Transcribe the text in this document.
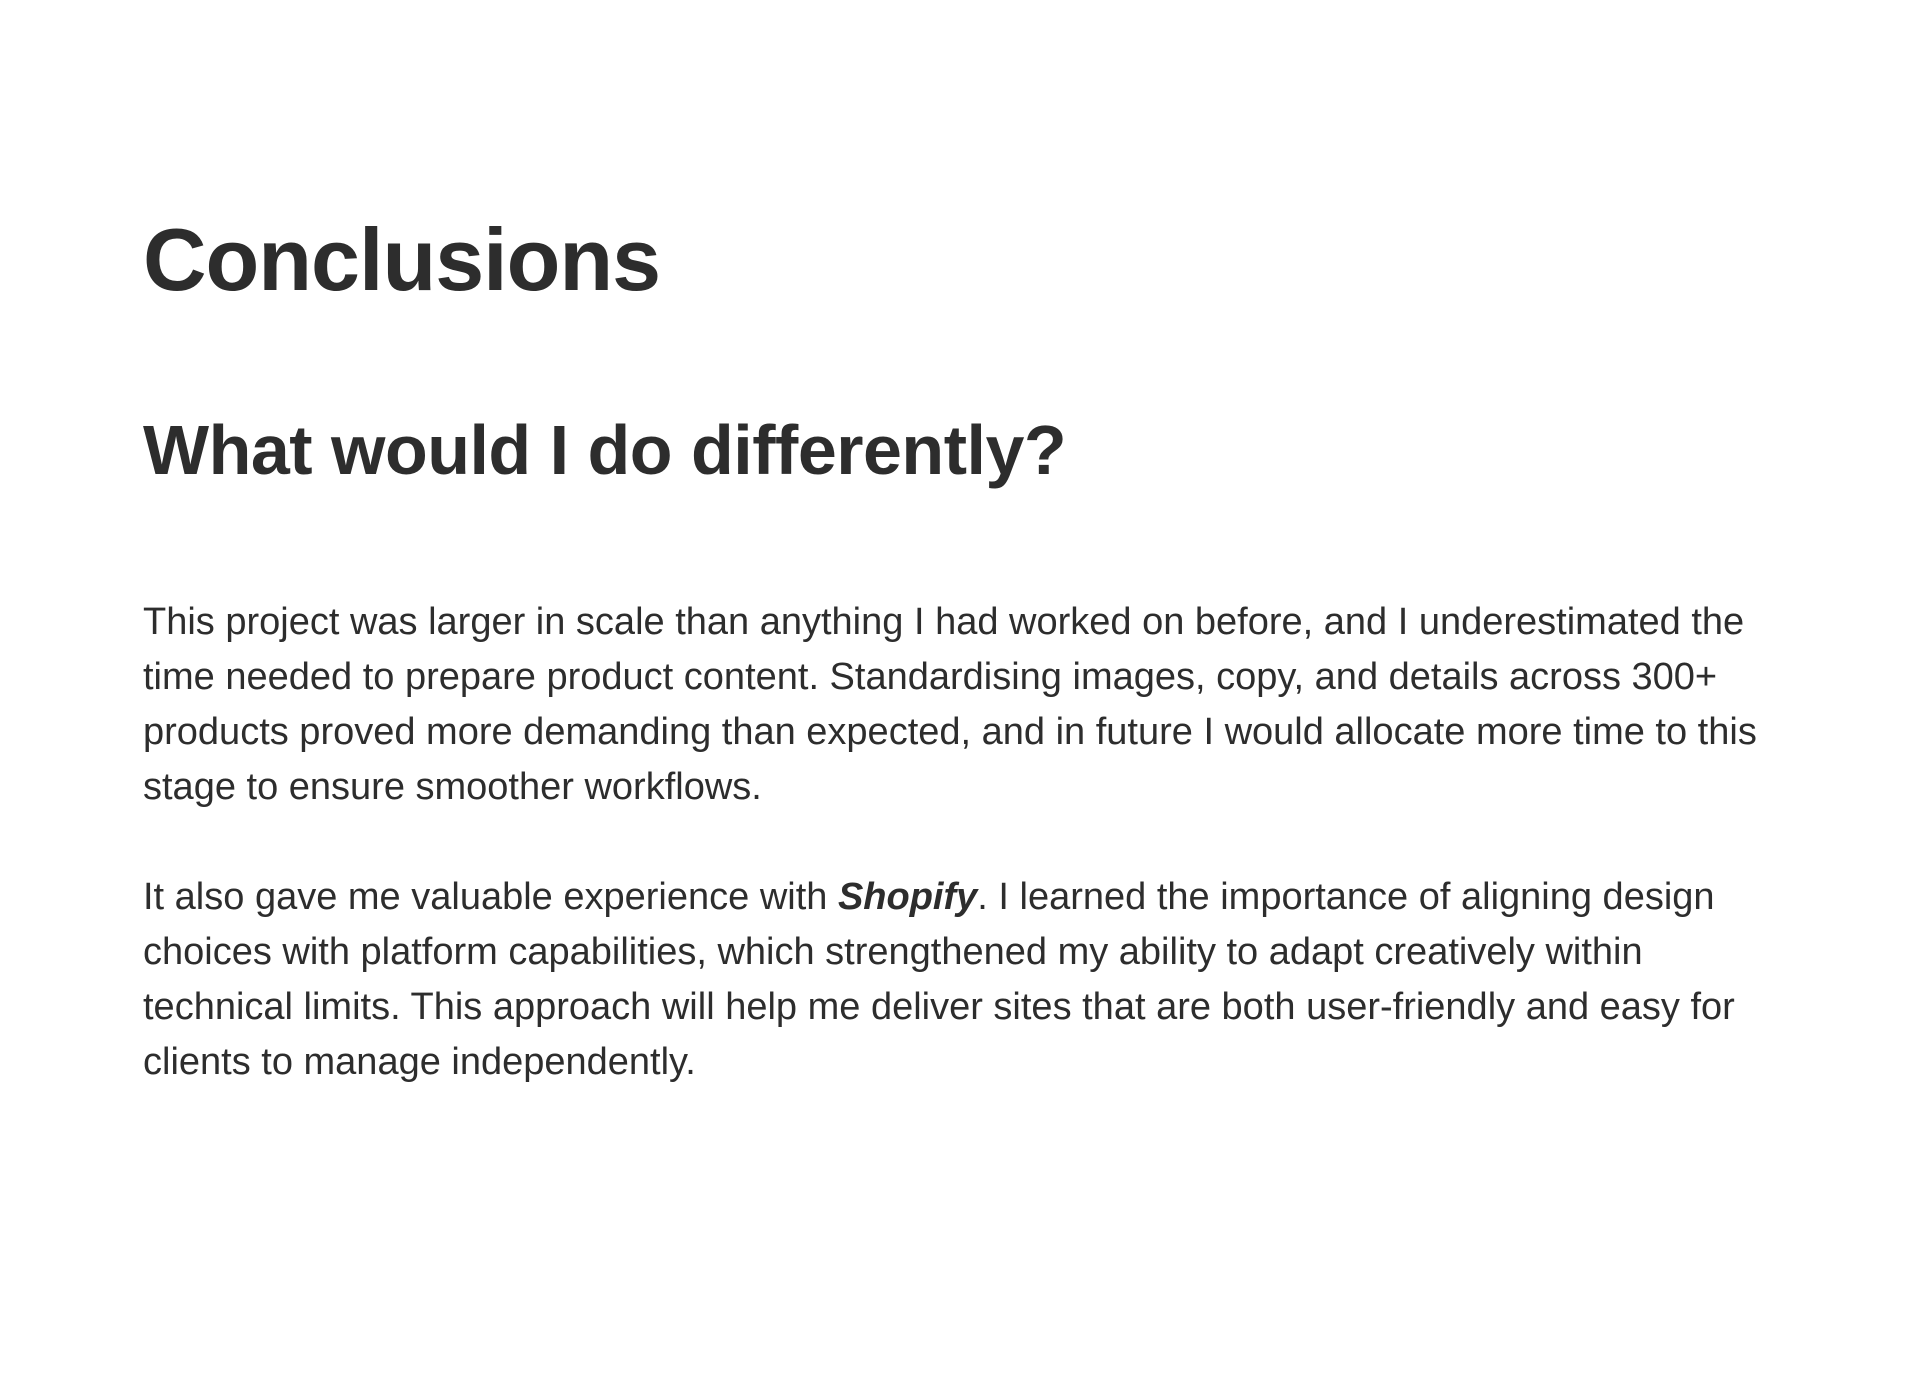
Conclusions
What would I do differently?

This project was larger in scale than anything I had worked on before, and I underestimated the time needed to prepare product content. Standardising images, copy, and details across 300+ products proved more demanding than expected, and in future I would allocate more time to this stage to ensure smoother workflows.

It also gave me valuable experience with Shopify. I learned the importance of aligning design choices with platform capabilities, which strengthened my ability to adapt creatively within technical limits. This approach will help me deliver sites that are both user-friendly and easy for clients to manage independently.
